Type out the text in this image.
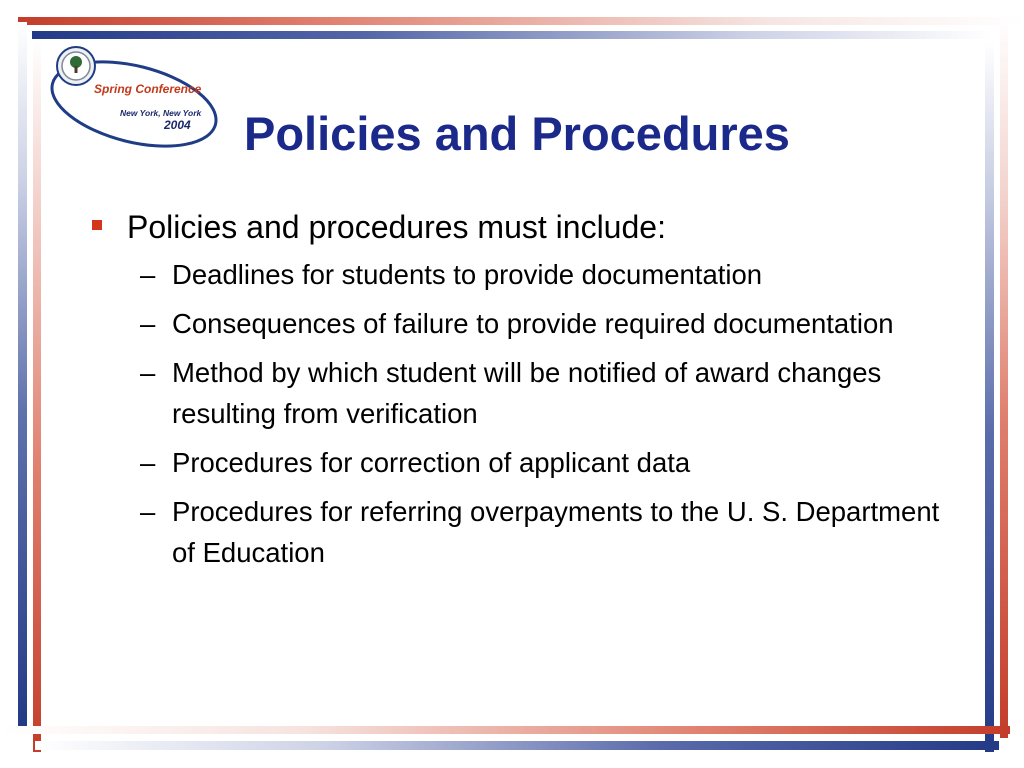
Spring Conference
New York, New York
2004 Policies and Procedures
Policies and procedures must include:
– Deadlines for students to provide documentation
– Consequences of failure to provide required documentation
– Method by which student will be notified of award changes resulting from verification
– Procedures for correction of applicant data
– Procedures for referring overpayments to the U. S. Department of Education
